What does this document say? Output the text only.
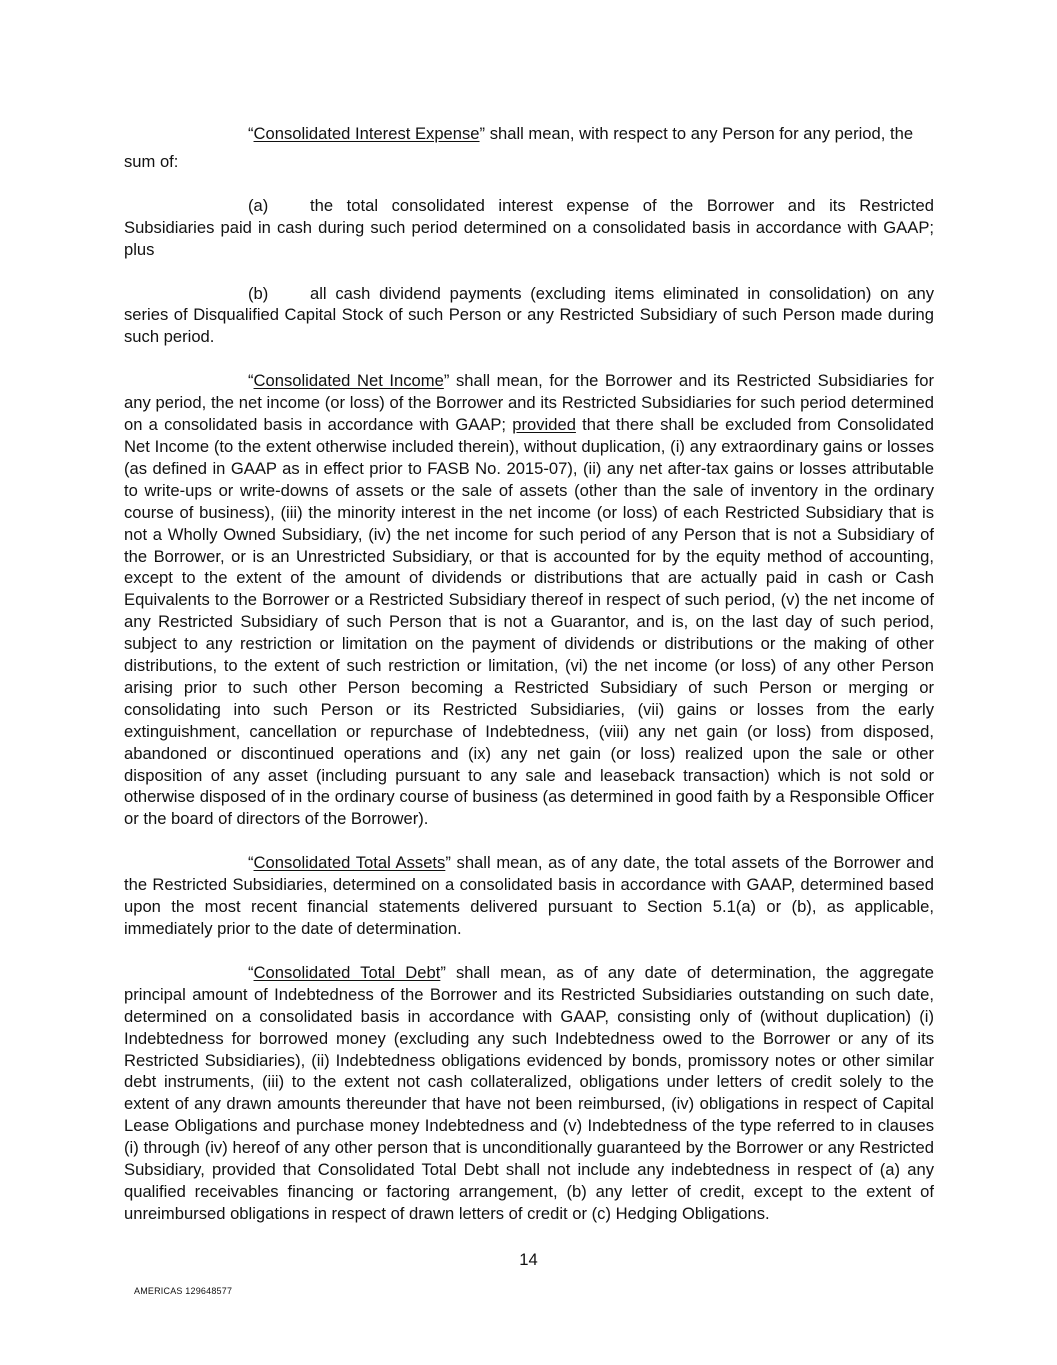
“Consolidated Interest Expense” shall mean, with respect to any Person for any period, the

sum of:

(a)	the total consolidated interest expense of the Borrower and its Restricted Subsidiaries paid in cash during such period determined on a consolidated basis in accordance with GAAP; plus

(b)	all cash dividend payments (excluding items eliminated in consolidation) on any series of Disqualified Capital Stock of such Person or any Restricted Subsidiary of such Person made during such period.

“Consolidated Net Income” shall mean, for the Borrower and its Restricted Subsidiaries for any period, the net income (or loss) of the Borrower and its Restricted Subsidiaries for such period determined on a consolidated basis in accordance with GAAP; provided that there shall be excluded from Consolidated Net Income (to the extent otherwise included therein), without duplication, (i) any extraordinary gains or losses (as defined in GAAP as in effect prior to FASB No. 2015-07), (ii) any net after-tax gains or losses attributable to write-ups or write-downs of assets or the sale of assets (other than the sale of inventory in the ordinary course of business), (iii) the minority interest in the net income (or loss) of each Restricted Subsidiary that is not a Wholly Owned Subsidiary, (iv) the net income for such period of any Person that is not a Subsidiary of the Borrower, or is an Unrestricted Subsidiary, or that is accounted for by the equity method of accounting, except to the extent of the amount of dividends or distributions that are actually paid in cash or Cash Equivalents to the Borrower or a Restricted Subsidiary thereof in respect of such period, (v) the net income of any Restricted Subsidiary of such Person that is not a Guarantor, and is, on the last day of such period, subject to any restriction or limitation on the payment of dividends or distributions or the making of other distributions, to the extent of such restriction or limitation, (vi) the net income (or loss) of any other Person arising prior to such other Person becoming a Restricted Subsidiary of such Person or merging or consolidating into such Person or its Restricted Subsidiaries, (vii) gains or losses from the early extinguishment, cancellation or repurchase of Indebtedness, (viii) any net gain (or loss) from disposed, abandoned or discontinued operations and (ix) any net gain (or loss) realized upon the sale or other disposition of any asset (including pursuant to any sale and leaseback transaction) which is not sold or otherwise disposed of in the ordinary course of business (as determined in good faith by a Responsible Officer or the board of directors of the Borrower).

“Consolidated Total Assets” shall mean, as of any date, the total assets of the Borrower and the Restricted Subsidiaries, determined on a consolidated basis in accordance with GAAP, determined based upon the most recent financial statements delivered pursuant to Section 5.1(a) or (b), as applicable, immediately prior to the date of determination.

“Consolidated Total Debt” shall mean, as of any date of determination, the aggregate principal amount of Indebtedness of the Borrower and its Restricted Subsidiaries outstanding on such date, determined on a consolidated basis in accordance with GAAP, consisting only of (without duplication) (i) Indebtedness for borrowed money (excluding any such Indebtedness owed to the Borrower or any of its Restricted Subsidiaries), (ii) Indebtedness obligations evidenced by bonds, promissory notes or other similar debt instruments, (iii) to the extent not cash collateralized, obligations under letters of credit solely to the extent of any drawn amounts thereunder that have not been reimbursed, (iv) obligations in respect of Capital Lease Obligations and purchase money Indebtedness and (v) Indebtedness of the type referred to in clauses (i) through (iv) hereof of any other person that is unconditionally guaranteed by the Borrower or any Restricted Subsidiary, provided that Consolidated Total Debt shall not include any indebtedness in respect of (a) any qualified receivables financing or factoring arrangement, (b) any letter of credit, except to the extent of unreimbursed obligations in respect of drawn letters of credit or (c) Hedging Obligations.

14
AMERICAS 129648577
